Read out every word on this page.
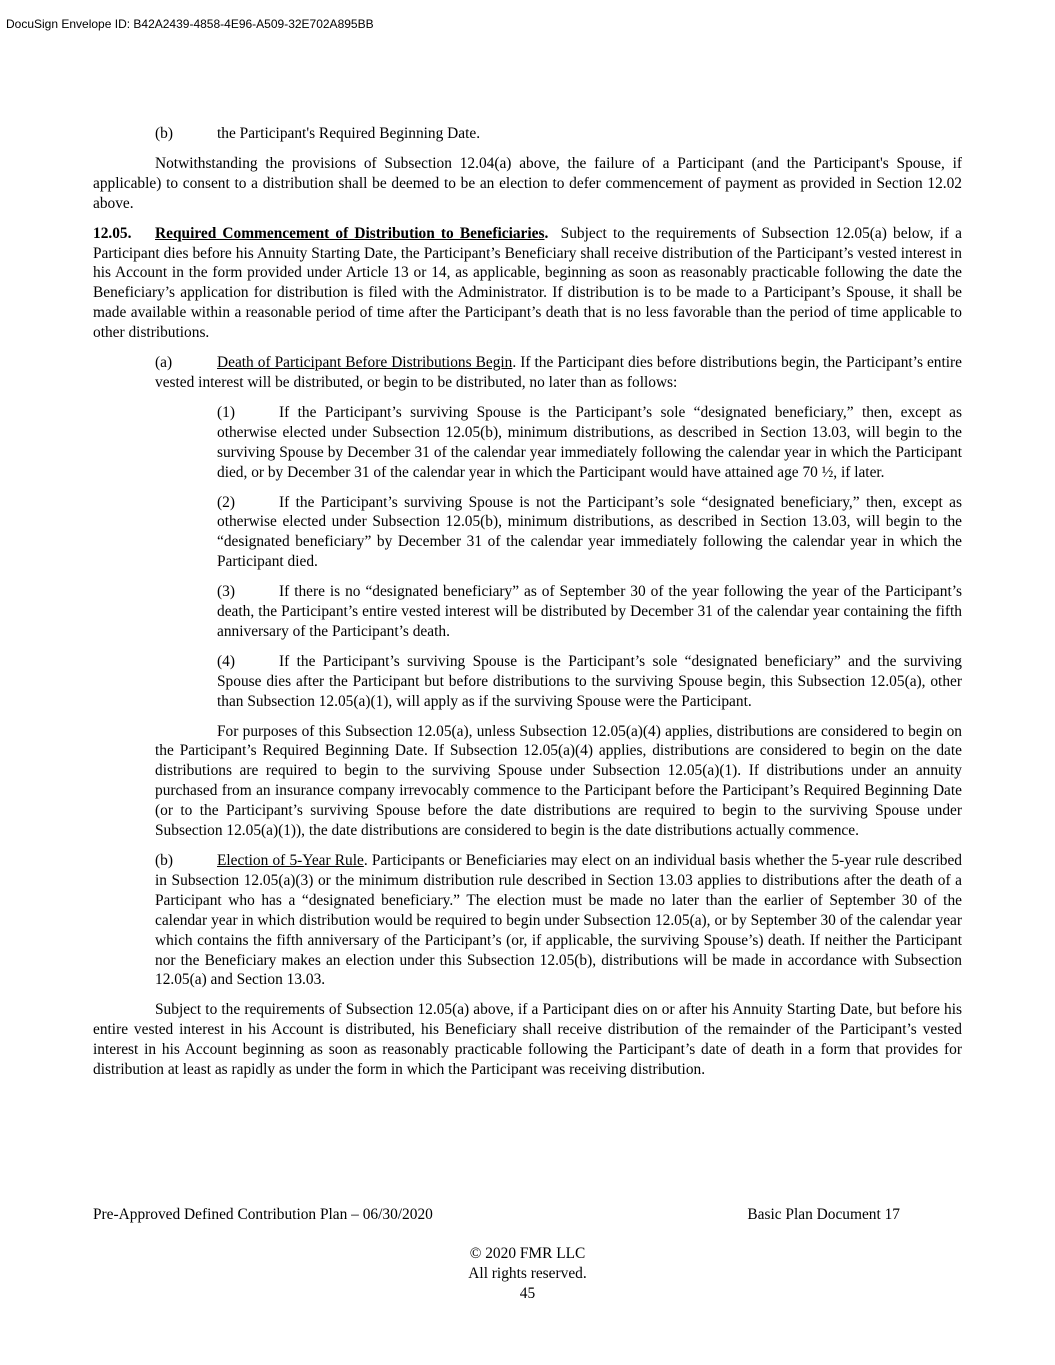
DocuSign Envelope ID: B42A2439-4858-4E96-A509-32E702A895BB

(b)	the Participant's Required Beginning Date.

Notwithstanding the provisions of Subsection 12.04(a) above, the failure of a Participant (and the Participant's Spouse, if applicable) to consent to a distribution shall be deemed to be an election to defer commencement of payment as provided in Section 12.02 above.

12.05. Required Commencement of Distribution to Beneficiaries. Subject to the requirements of Subsection 12.05(a) below, if a Participant dies before his Annuity Starting Date, the Participant’s Beneficiary shall receive distribution of the Participant’s vested interest in his Account in the form provided under Article 13 or 14, as applicable, beginning as soon as reasonably practicable following the date the Beneficiary’s application for distribution is filed with the Administrator. If distribution is to be made to a Participant’s Spouse, it shall be made available within a reasonable period of time after the Participant’s death that is no less favorable than the period of time applicable to other distributions.

(a)	Death of Participant Before Distributions Begin. If the Participant dies before distributions begin, the Participant’s entire vested interest will be distributed, or begin to be distributed, no later than as follows:

(1)	If the Participant’s surviving Spouse is the Participant’s sole “designated beneficiary,” then, except as otherwise elected under Subsection 12.05(b), minimum distributions, as described in Section 13.03, will begin to the surviving Spouse by December 31 of the calendar year immediately following the calendar year in which the Participant died, or by December 31 of the calendar year in which the Participant would have attained age 70 ½, if later.

(2)	If the Participant’s surviving Spouse is not the Participant’s sole “designated beneficiary,” then, except as otherwise elected under Subsection 12.05(b), minimum distributions, as described in Section 13.03, will begin to the “designated beneficiary” by December 31 of the calendar year immediately following the calendar year in which the Participant died.

(3)	If there is no “designated beneficiary” as of September 30 of the year following the year of the Participant’s death, the Participant’s entire vested interest will be distributed by December 31 of the calendar year containing the fifth anniversary of the Participant’s death.

(4)	If the Participant’s surviving Spouse is the Participant’s sole “designated beneficiary” and the surviving Spouse dies after the Participant but before distributions to the surviving Spouse begin, this Subsection 12.05(a), other than Subsection 12.05(a)(1), will apply as if the surviving Spouse were the Participant.

For purposes of this Subsection 12.05(a), unless Subsection 12.05(a)(4) applies, distributions are considered to begin on the Participant’s Required Beginning Date. If Subsection 12.05(a)(4) applies, distributions are considered to begin on the date distributions are required to begin to the surviving Spouse under Subsection 12.05(a)(1). If distributions under an annuity purchased from an insurance company irrevocably commence to the Participant before the Participant’s Required Beginning Date (or to the Participant’s surviving Spouse before the date distributions are required to begin to the surviving Spouse under Subsection 12.05(a)(1)), the date distributions are considered to begin is the date distributions actually commence.

(b)	Election of 5-Year Rule. Participants or Beneficiaries may elect on an individual basis whether the 5-year rule described in Subsection 12.05(a)(3) or the minimum distribution rule described in Section 13.03 applies to distributions after the death of a Participant who has a “designated beneficiary.” The election must be made no later than the earlier of September 30 of the calendar year in which distribution would be required to begin under Subsection 12.05(a), or by September 30 of the calendar year which contains the fifth anniversary of the Participant’s (or, if applicable, the surviving Spouse’s) death. If neither the Participant nor the Beneficiary makes an election under this Subsection 12.05(b), distributions will be made in accordance with Subsection 12.05(a) and Section 13.03.

Subject to the requirements of Subsection 12.05(a) above, if a Participant dies on or after his Annuity Starting Date, but before his entire vested interest in his Account is distributed, his Beneficiary shall receive distribution of the remainder of the Participant’s vested interest in his Account beginning as soon as reasonably practicable following the Participant’s date of death in a form that provides for distribution at least as rapidly as under the form in which the Participant was receiving distribution.

Pre-Approved Defined Contribution Plan – 06/30/2020	Basic Plan Document 17
© 2020 FMR LLC
All rights reserved.
45
